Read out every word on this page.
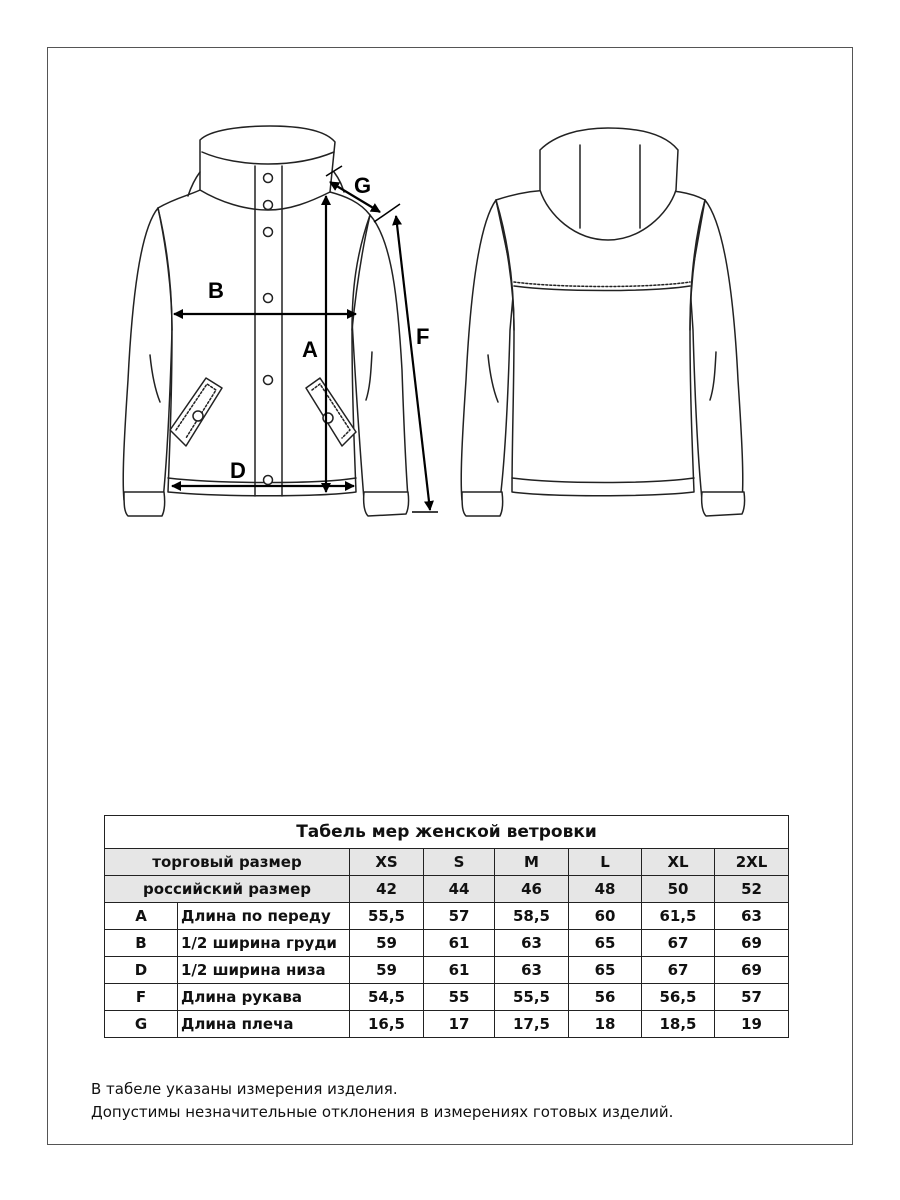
B
A
D
F
G
Табель мер женской ветровки							
торговый размер		XS	S	M	L	XL	2XL
российский размер		42	44	46	48	50	52
A	Длина по переду	55,5	57	58,5	60	61,5	63
B	1/2 ширина груди	59	61	63	65	67	69
D	1/2 ширина низа	59	61	63	65	67	69
F	Длина рукава	54,5	55	55,5	56	56,5	57
G	Длина плеча	16,5	17	17,5	18	18,5	19
В табеле указаны измерения изделия.
Допустимы незначительные отклонения в измерениях готовых изделий.
